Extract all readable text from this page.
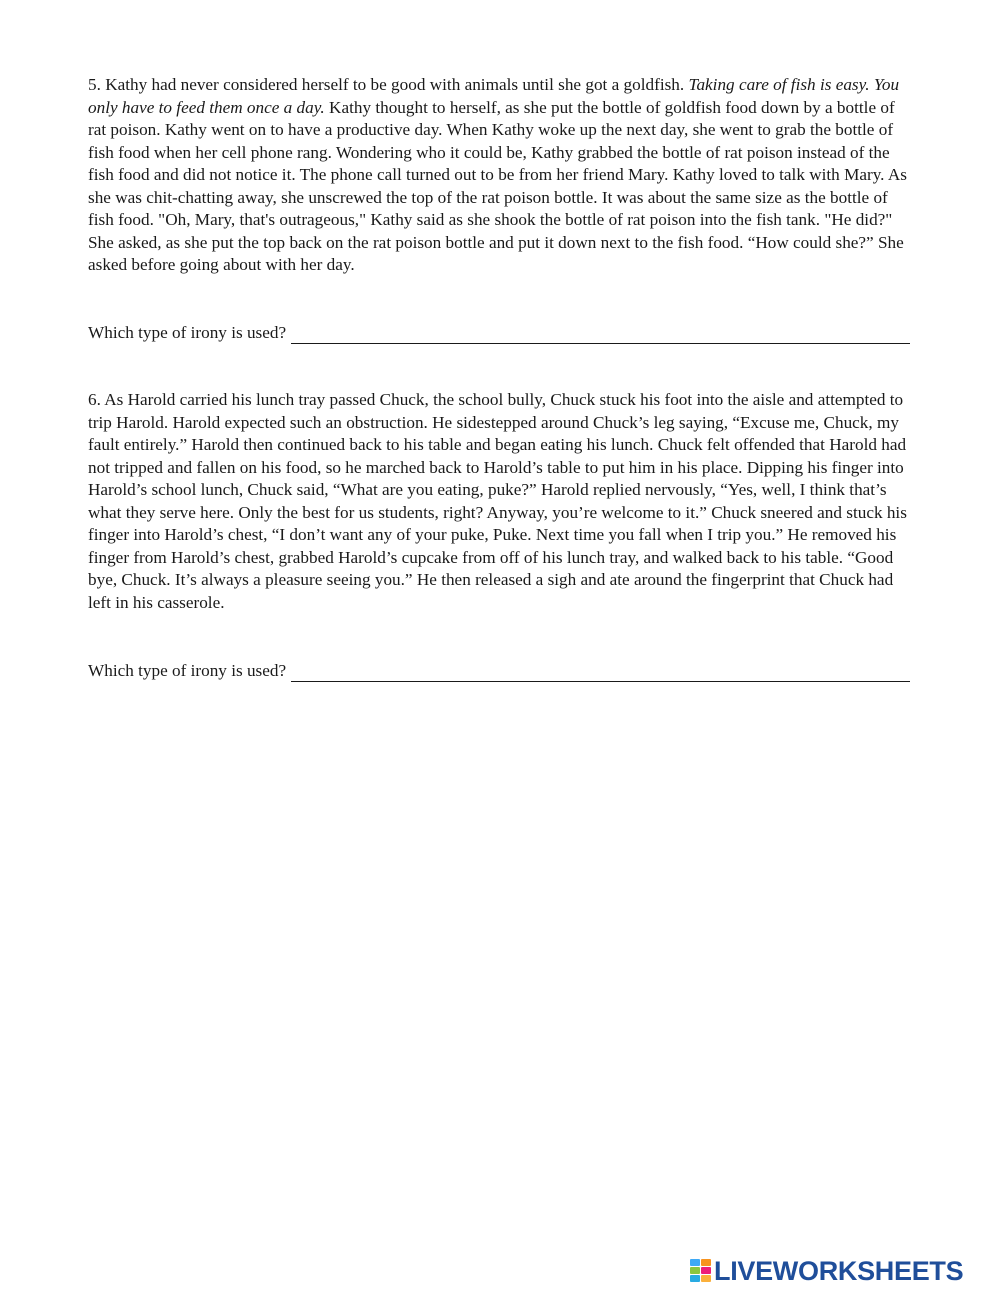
5. Kathy had never considered herself to be good with animals until she got a goldfish. Taking care of fish is easy. You only have to feed them once a day. Kathy thought to herself, as she put the bottle of goldfish food down by a bottle of rat poison. Kathy went on to have a productive day. When Kathy woke up the next day, she went to grab the bottle of fish food when her cell phone rang. Wondering who it could be, Kathy grabbed the bottle of rat poison instead of the fish food and did not notice it. The phone call turned out to be from her friend Mary. Kathy loved to talk with Mary. As she was chit-chatting away, she unscrewed the top of the rat poison bottle. It was about the same size as the bottle of fish food. "Oh, Mary, that's outrageous," Kathy said as she shook the bottle of rat poison into the fish tank. "He did?" She asked, as she put the top back on the rat poison bottle and put it down next to the fish food. “How could she?” She asked before going about with her day.

Which type of irony is used?

6. As Harold carried his lunch tray passed Chuck, the school bully, Chuck stuck his foot into the aisle and attempted to trip Harold. Harold expected such an obstruction. He sidestepped around Chuck’s leg saying, “Excuse me, Chuck, my fault entirely.” Harold then continued back to his table and began eating his lunch. Chuck felt offended that Harold had not tripped and fallen on his food, so he marched back to Harold’s table to put him in his place. Dipping his finger into Harold’s school lunch, Chuck said, “What are you eating, puke?” Harold replied nervously, “Yes, well, I think that’s what they serve here. Only the best for us students, right? Anyway, you’re welcome to it.” Chuck sneered and stuck his finger into Harold’s chest, “I don’t want any of your puke, Puke. Next time you fall when I trip you.” He removed his finger from Harold’s chest, grabbed Harold’s cupcake from off of his lunch tray, and walked back to his table. “Good bye, Chuck. It’s always a pleasure seeing you.” He then released a sigh and ate around the fingerprint that Chuck had left in his casserole.

Which type of irony is used?
LIVEWORKSHEETS
